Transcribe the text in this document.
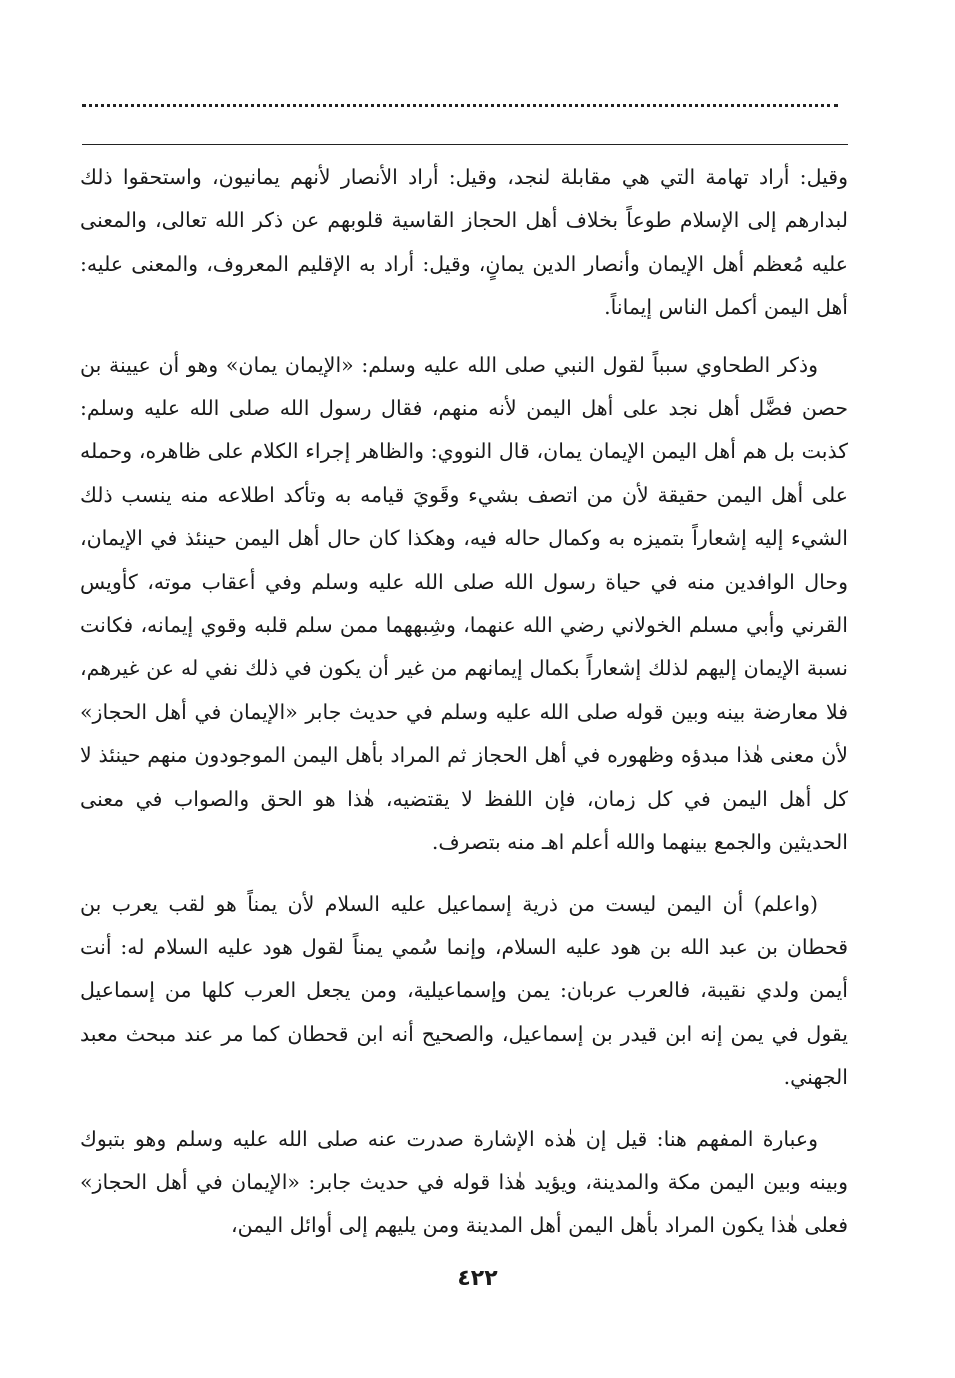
وقيل: أراد تهامة التي هي مقابلة لنجد، وقيل: أراد الأنصار لأنهم يمانيون، واستحقوا ذلك لبدارهم إلى الإسلام طوعاً بخلاف أهل الحجاز القاسية قلوبهم عن ذكر الله تعالى، والمعنى عليه مُعظم أهل الإيمان وأنصار الدين يمانٍ، وقيل: أراد به الإقليم المعروف، والمعنى عليه: أهل اليمن أكمل الناس إيماناً.

وذكر الطحاوي سبباً لقول النبي صلى الله عليه وسلم: «الإيمان يمان» وهو أن عيينة بن حصن فضَّل أهل نجد على أهل اليمن لأنه منهم، فقال رسول الله صلى الله عليه وسلم: كذبت بل هم أهل اليمن الإيمان يمان، قال النووي: والظاهر إجراء الكلام على ظاهره، وحمله على أهل اليمن حقيقة لأن من اتصف بشيء وقَويَ قيامه به وتأكد اطلاعه منه ينسب ذلك الشيء إليه إشعاراً بتميزه به وكمال حاله فيه، وهكذا كان حال أهل اليمن حينئذ في الإيمان، وحال الوافدين منه في حياة رسول الله صلى الله عليه وسلم وفي أعقاب موته، كأويس القرني وأبي مسلم الخولاني رضي الله عنهما، وشِبههما ممن سلم قلبه وقوي إيمانه، فكانت نسبة الإيمان إليهم لذلك إشعاراً بكمال إيمانهم من غير أن يكون في ذلك نفي له عن غيرهم، فلا معارضة بينه وبين قوله صلى الله عليه وسلم في حديث جابر «الإيمان في أهل الحجاز» لأن معنى هٰذا مبدؤه وظهوره في أهل الحجاز ثم المراد بأهل اليمن الموجودون منهم حينئذ لا كل أهل اليمن في كل زمان، فإن اللفظ لا يقتضيه، هٰذا هو الحق والصواب في معنى الحديثين والجمع بينهما والله أعلم اهـ منه بتصرف.

(واعلم) أن اليمن ليست من ذرية إسماعيل عليه السلام لأن يمناً هو لقب يعرب بن قحطان بن عبد الله بن هود عليه السلام، وإنما سُمي يمناً لقول هود عليه السلام له: أنت أيمن ولدي نقيبة، فالعرب عربان: يمن وإسماعيلية، ومن يجعل العرب كلها من إسماعيل يقول في يمن إنه ابن قيدر بن إسماعيل، والصحيح أنه ابن قحطان كما مر عند مبحث معبد الجهني.

وعبارة المفهم هنا: قيل إن هٰذه الإشارة صدرت عنه صلى الله عليه وسلم وهو بتبوك وبينه وبين اليمن مكة والمدينة، ويؤيد هٰذا قوله في حديث جابر: «الإيمان في أهل الحجاز» فعلى هٰذا يكون المراد بأهل اليمن أهل المدينة ومن يليهم إلى أوائل اليمن،

٤٢٢
